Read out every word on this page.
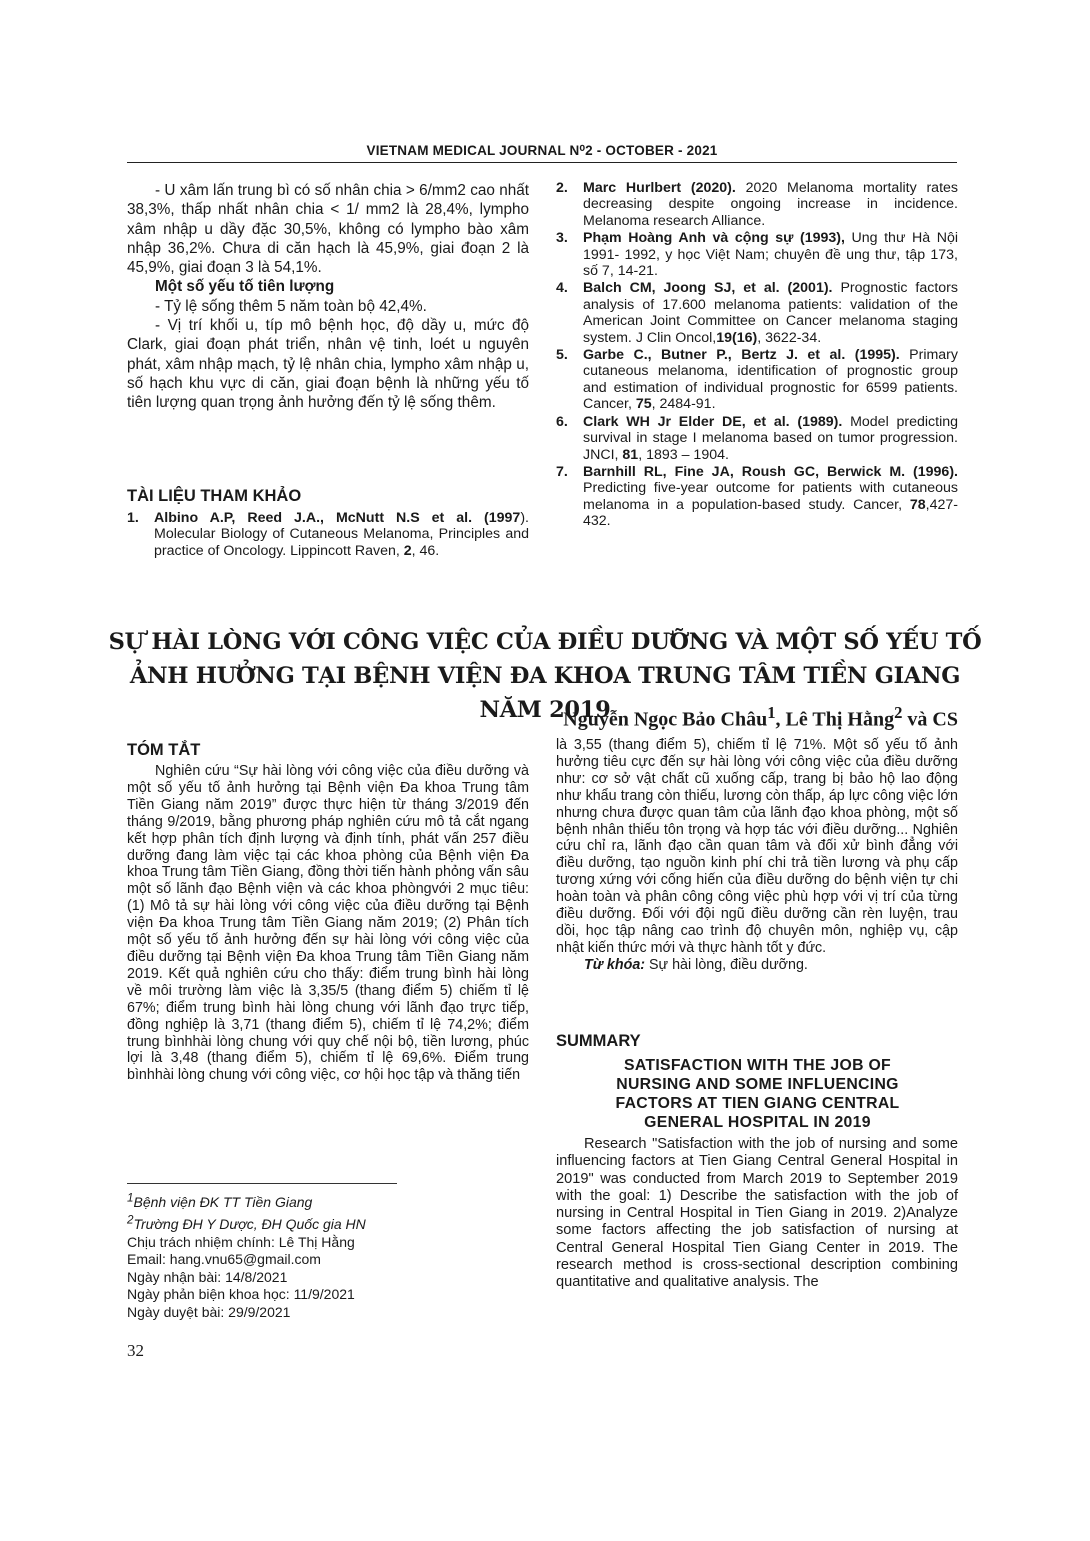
VIETNAM MEDICAL JOURNAL N⁰2 - OCTOBER - 2021

- U xâm lấn trung bì có số nhân chia > 6/mm2 cao nhất 38,3%, thấp nhất nhân chia < 1/ mm2 là 28,4%, lympho xâm nhập u dầy đặc 30,5%, không có lympho bào xâm nhập 36,2%. Chưa di căn hạch là 45,9%, giai đoạn 2 là 45,9%, giai đoạn 3 là 54,1%.

Một số yếu tố tiên lượng

- Tỷ lệ sống thêm 5 năm toàn bộ 42,4%.

- Vị trí khối u, típ mô bệnh học, độ dầy u, mức độ Clark, giai đoạn phát triển, nhân vệ tinh, loét u nguyên phát, xâm nhập mạch, tỷ lệ nhân chia, lympho xâm nhập u, số hạch khu vực di căn, giai đoạn bệnh là những yếu tố tiên lượng quan trọng ảnh hưởng đến tỷ lệ sống thêm.

TÀI LIỆU THAM KHẢO
1. Albino A.P, Reed J.A., McNutt N.S et al. (1997). Molecular Biology of Cutaneous Melanoma, Principles and practice of Oncology. Lippincott Raven, 2, 46.
2. Marc Hurlbert (2020). 2020 Melanoma mortality rates decreasing despite ongoing increase in incidence. Melanoma research Alliance.
3. Phạm Hoàng Anh và cộng sự (1993), Ung thư Hà Nội 1991- 1992, y học Việt Nam; chuyên đề ung thư, tập 173, số 7, 14-21.
4. Balch CM, Joong SJ, et al. (2001). Prognostic factors analysis of 17.600 melanoma patients: validation of the American Joint Committee on Cancer melanoma staging system. J Clin Oncol,19(16), 3622-34.
5. Garbe C., Butner P., Bertz J. et al. (1995). Primary cutaneous melanoma, identification of prognostic group and estimation of individual prognostic for 6599 patients. Cancer, 75, 2484-91.
6. Clark WH Jr Elder DE, et al. (1989). Model predicting survival in stage I melanoma based on tumor progression. JNCI, 81, 1893 – 1904.
7. Barnhill RL, Fine JA, Roush GC, Berwick M. (1996). Predicting five-year outcome for patients with cutaneous melanoma in a population-based study. Cancer, 78,427-432.
SỰ HÀI LÒNG VỚI CÔNG VIỆC CỦA ĐIỀU DƯỠNG VÀ MỘT SỐ YẾU TỐ
ẢNH HƯỞNG TẠI BỆNH VIỆN ĐA KHOA TRUNG TÂM TIỀN GIANG NĂM 2019
Nguyễn Ngọc Bảo Châu$^1$, Lê Thị Hằng$^2$ và CS
TÓM TẮT

Nghiên cứu “Sự hài lòng với công việc của điều dưỡng và một số yếu tố ảnh hưởng tại Bệnh viện Đa khoa Trung tâm Tiền Giang năm 2019” được thực hiện từ tháng 3/2019 đến tháng 9/2019, bằng phương pháp nghiên cứu mô tả cắt ngang kết hợp phân tích định lượng và định tính, phát vấn 257 điều dưỡng đang làm việc tại các khoa phòng của Bệnh viện Đa khoa Trung tâm Tiền Giang, đồng thời tiến hành phỏng vấn sâu một số lãnh đạo Bệnh viện và các khoa phòngvới 2 mục tiêu: (1) Mô tả sự hài lòng với công việc của điều dưỡng tại Bệnh viện Đa khoa Trung tâm Tiền Giang năm 2019; (2) Phân tích một số yếu tố ảnh hưởng đến sự hài lòng với công việc của điều dưỡng tại Bệnh viện Đa khoa Trung tâm Tiền Giang năm 2019. Kết quả nghiên cứu cho thấy: điểm trung bình hài lòng về môi trường làm việc là 3,35/5 (thang điểm 5) chiếm tỉ lệ 67%; điểm trung bình hài lòng chung với lãnh đạo trực tiếp, đồng nghiệp là 3,71 (thang điểm 5), chiếm tỉ lệ 74,2%; điểm trung bìnhhài lòng chung với quy chế nội bộ, tiền lương, phúc lợi là 3,48 (thang điểm 5), chiếm tỉ lệ 69,6%. Điểm trung bìnhhài lòng chung với công việc, cơ hội học tập và thăng tiến

là 3,55 (thang điểm 5), chiếm tỉ lệ 71%. Một số yếu tố ảnh hưởng tiêu cực đến sự hài lòng với công việc của điều dưỡng như: cơ sở vật chất cũ xuống cấp, trang bị bảo hộ lao động như khẩu trang còn thiếu, lương còn thấp, áp lực công việc lớn nhưng chưa được quan tâm của lãnh đạo khoa phòng, một số bệnh nhân thiếu tôn trọng và hợp tác với điều dưỡng... Nghiên cứu chỉ ra, lãnh đạo cần quan tâm và đối xử bình đẳng với điều dưỡng, tạo nguồn kinh phí chi trả tiền lương và phụ cấp tương xứng với cống hiến của điều dưỡng do bệnh viện tự chi hoàn toàn và phân công công việc phù hợp với vị trí của từng điều dưỡng. Đối với đội ngũ điều dưỡng cần rèn luyện, trau dồi, học tập nâng cao trình độ chuyên môn, nghiệp vụ, cập nhật kiến thức mới và thực hành tốt y đức.

Từ khóa: Sự hài lòng, điều dưỡng.

SUMMARY
SATISFACTION WITH THE JOB OF NURSING AND SOME INFLUENCING FACTORS AT TIEN GIANG CENTRAL GENERAL HOSPITAL IN 2019

Research "Satisfaction with the job of nursing and some influencing factors at Tien Giang Central General Hospital in 2019" was conducted from March 2019 to September 2019 with the goal: 1) Describe the satisfaction with the job of nursing in Central Hospital in Tien Giang in 2019. 2)Analyze some factors affecting the job satisfaction of nursing at Central General Hospital Tien Giang Center in 2019. The research method is cross-sectional description combining quantitative and qualitative analysis. The

$^1$Bệnh viện ĐK TT Tiền Giang
$^2$Trường ĐH Y Dược, ĐH Quốc gia HN
Chịu trách nhiệm chính: Lê Thị Hằng
Email: hang.vnu65@gmail.com
Ngày nhận bài: 14/8/2021
Ngày phản biện khoa học: 11/9/2021
Ngày duyệt bài: 29/9/2021
32
